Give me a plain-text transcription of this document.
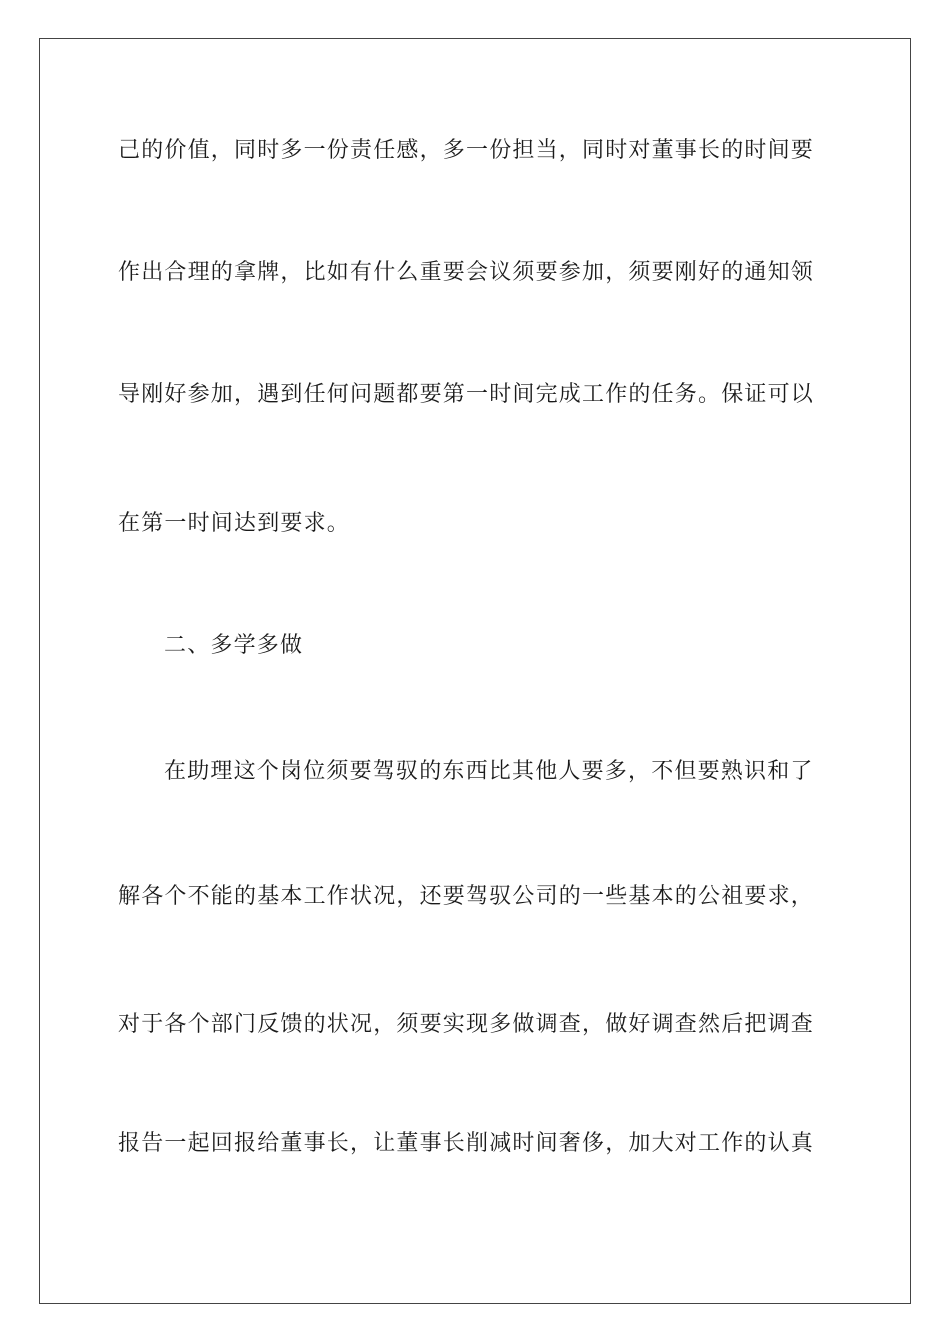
己的价值，同时多一份责任感，多一份担当，同时对董事长的时间要
作出合理的拿牌，比如有什么重要会议须要参加，须要刚好的通知领
导刚好参加，遇到任何问题都要第一时间完成工作的任务。保证可以
在第一时间达到要求。
二、多学多做
在助理这个岗位须要驾驭的东西比其他人要多，不但要熟识和了
解各个不能的基本工作状况，还要驾驭公司的一些基本的公祖要求，
对于各个部门反馈的状况，须要实现多做调查，做好调查然后把调查
报告一起回报给董事长，让董事长削减时间奢侈，加大对工作的认真
